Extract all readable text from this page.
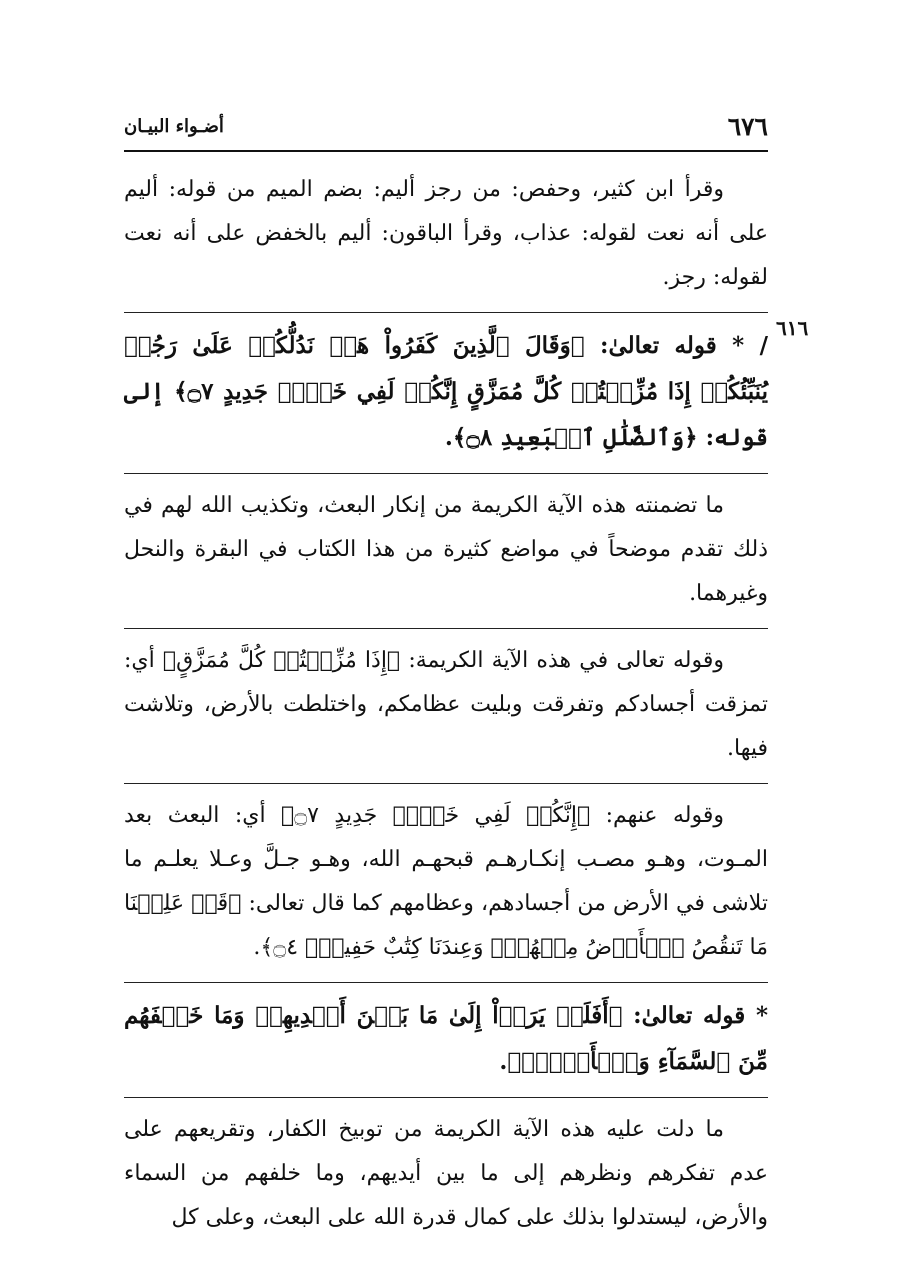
٦٧٦
أضـواء البيـان
٦١٦

وقرأ ابن كثير، وحفص: من رجز أليم: بضم الميم من قوله: أليم على أنه نعت لقوله: عذاب، وقرأ الباقون: أليم بالخفض على أنه نعت لقوله: رجز.

/ * قوله تعالىٰ: ﴿وَقَالَ ٱلَّذِينَ كَفَرُواْ هَلۡ نَدُلُّكُمۡ عَلَىٰ رَجُلٖ يُنَبِّئُكُمۡ إِذَا مُزِّقۡتُمۡ كُلَّ مُمَزَّقٍ إِنَّكُمۡ لَفِي خَلۡقٖ جَدِيدٍ ۝٧﴾ إلى قوله: ﴿وَٱلضَّلَٰلِ ٱلۡبَعِيدِ ۝٨﴾.

ما تضمنته هذه الآية الكريمة من إنكار البعث، وتكذيب الله لهم في ذلك تقدم موضحاً في مواضع كثيرة من هذا الكتاب في البقرة والنحل وغيرهما.

وقوله تعالى في هذه الآية الكريمة: ﴿إِذَا مُزِّقۡتُمۡ كُلَّ مُمَزَّقٍ﴾ أي: تمزقت أجسادكم وتفرقت وبليت عظامكم، واختلطت بالأرض، وتلاشت فيها.

وقوله عنهم: ﴿إِنَّكُمۡ لَفِي خَلۡقٖ جَدِيدٍ ۝٧﴾ أي: البعث بعد المـوت، وهـو مصـب إنكـارهـم قبحهـم الله، وهـو جـلَّ وعـلا يعلـم ما تلاشى في الأرض من أجسادهم، وعظامهم كما قال تعالى: ﴿قَدۡ عَلِمۡنَا مَا تَنقُصُ ٱلۡأَرۡضُ مِنۡهُمۡۖ وَعِندَنَا كِتَٰبٌ حَفِيظُۢ ۝٤﴾.

* قوله تعالىٰ: ﴿أَفَلَمۡ يَرَوۡاْ إِلَىٰ مَا بَيۡنَ أَيۡدِيهِمۡ وَمَا خَلۡفَهُم مِّنَ ٱلسَّمَآءِ وَٱلۡأَرۡضِۚ﴾.

ما دلت عليه هذه الآية الكريمة من توبيخ الكفار، وتقريعهم على عدم تفكرهم ونظرهم إلى ما بين أيديهم، وما خلفهم من السماء والأرض، ليستدلوا بذلك على كمال قدرة الله على البعث، وعلى كل
